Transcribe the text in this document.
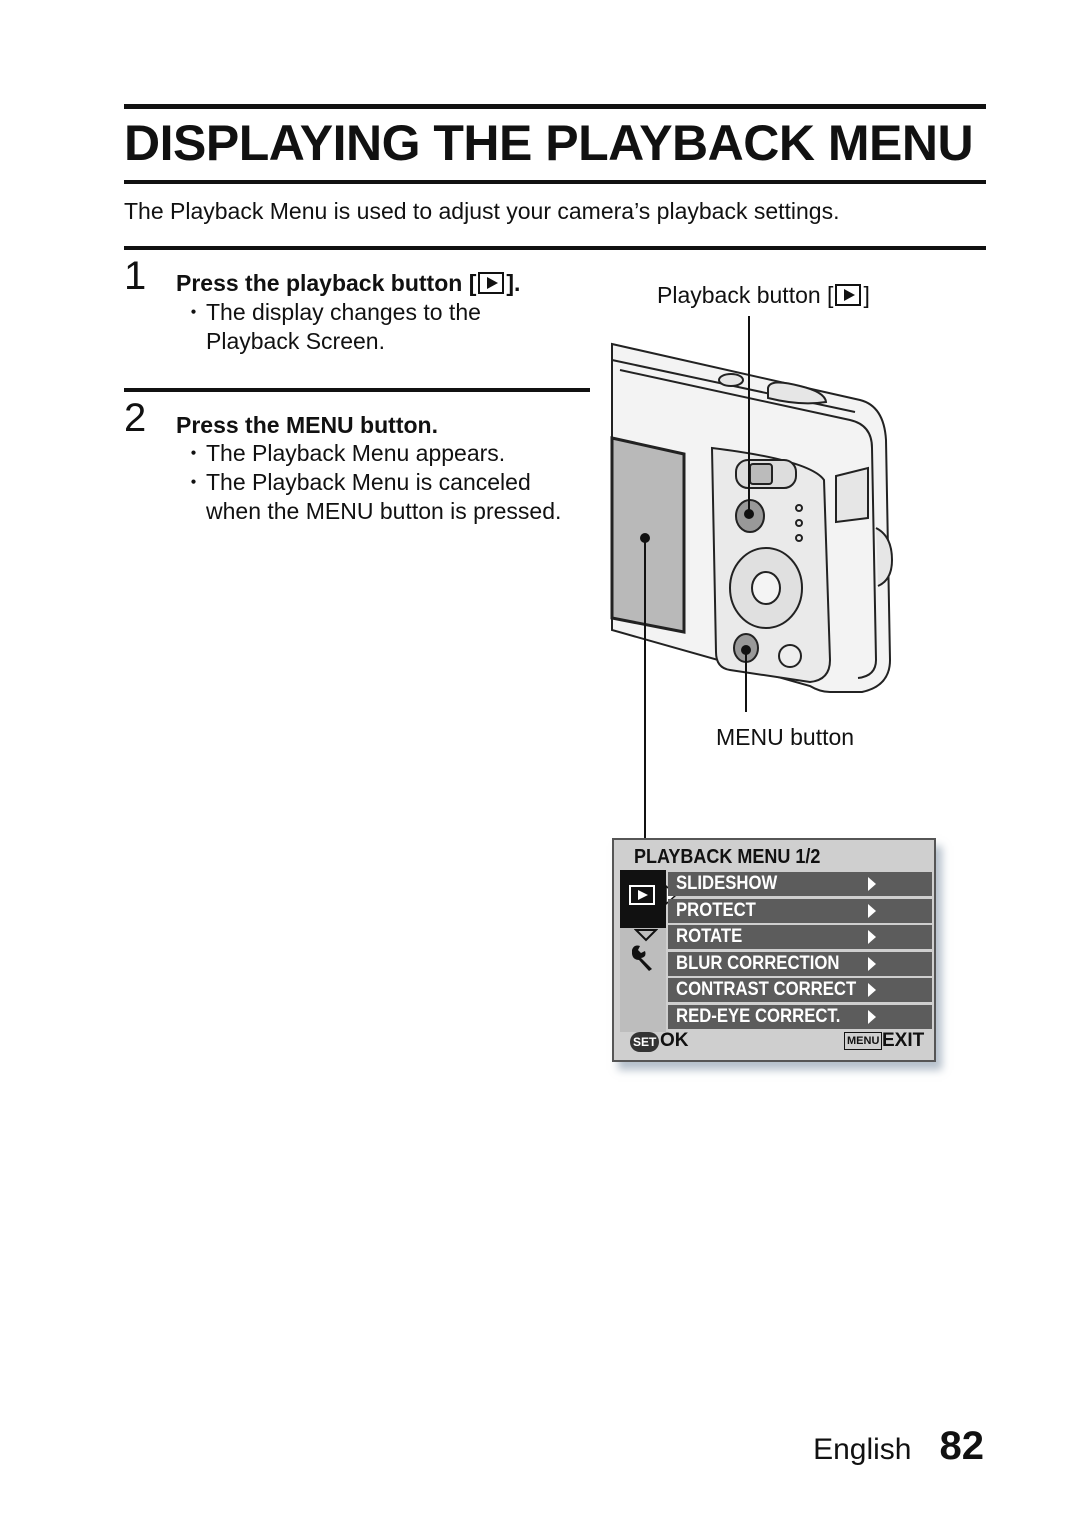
DISPLAYING THE PLAYBACK MENU
The Playback Menu is used to adjust your camera’s playback settings.
1 Press the playback button [ ].
・ The display changes to the Playback Screen.
2 Press the MENU button.
・ The Playback Menu appears.
・ The Playback Menu is canceled when the MENU button is pressed.
Playback button [ ]
MENU button
PLAYBACK MENU 1/2
SLIDESHOW
PROTECT
ROTATE
BLUR CORRECTION
CONTRAST CORRECT
RED-EYE CORRECT.
SET OK	MENU EXIT
English 82
